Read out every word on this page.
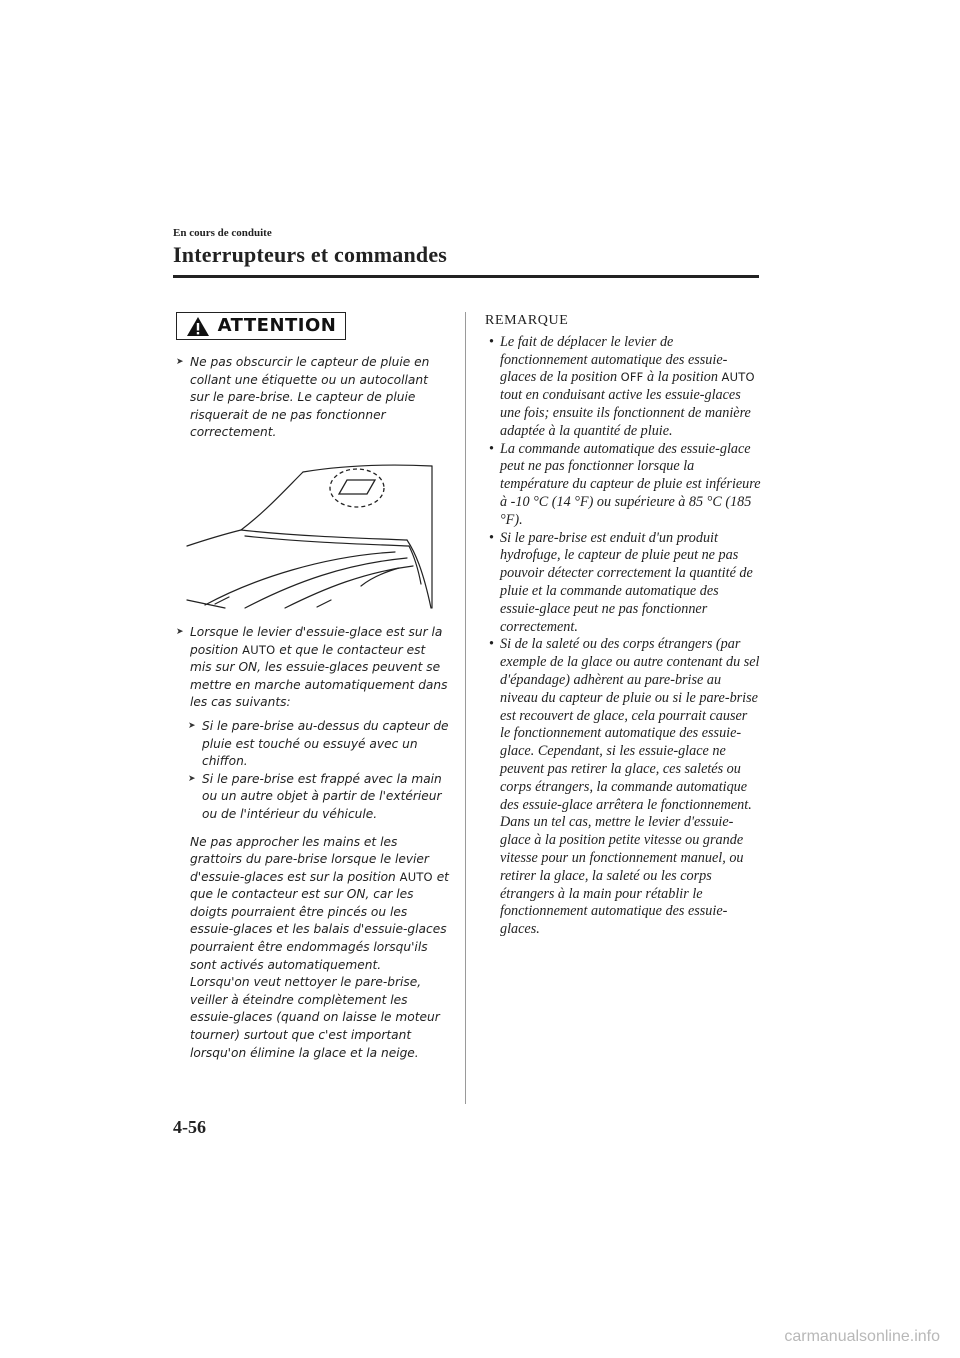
En cours de conduite
Interrupteurs et commandes
ATTENTION
➤ Ne pas obscurcir le capteur de pluie en collant une étiquette ou un autocollant sur le pare-brise. Le capteur de pluie risquerait de ne pas fonctionner correctement.
➤ Lorsque le levier d'essuie-glace est sur la position AUTO et que le contacteur est mis sur ON, les essuie-glaces peuvent se mettre en marche automatiquement dans les cas suivants:
➤ Si le pare-brise au-dessus du capteur de pluie est touché ou essuyé avec un chiffon.
➤ Si le pare-brise est frappé avec la main ou un autre objet à partir de l'extérieur ou de l'intérieur du véhicule.
Ne pas approcher les mains et les grattoirs du pare-brise lorsque le levier d'essuie-glaces est sur la position AUTO et que le contacteur est sur ON, car les doigts pourraient être pincés ou les essuie-glaces et les balais d'essuie-glaces pourraient être endommagés lorsqu'ils sont activés automatiquement.
Lorsqu'on veut nettoyer le pare-brise, veiller à éteindre complètement les essuie-glaces (quand on laisse le moteur tourner) surtout que c'est important lorsqu'on élimine la glace et la neige.
REMARQUE
• Le fait de déplacer le levier de fonctionnement automatique des essuie-glaces de la position OFF à la position AUTO tout en conduisant active les essuie-glaces une fois; ensuite ils fonctionnent de manière adaptée à la quantité de pluie.
• La commande automatique des essuie-glace peut ne pas fonctionner lorsque la température du capteur de pluie est inférieure à -10 °C (14 °F) ou supérieure à 85 °C (185 °F).
• Si le pare-brise est enduit d'un produit hydrofuge, le capteur de pluie peut ne pas pouvoir détecter correctement la quantité de pluie et la commande automatique des essuie-glace peut ne pas fonctionner correctement.
• Si de la saleté ou des corps étrangers (par exemple de la glace ou autre contenant du sel d'épandage) adhèrent au pare-brise au niveau du capteur de pluie ou si le pare-brise est recouvert de glace, cela pourrait causer le fonctionnement automatique des essuie-glace. Cependant, si les essuie-glace ne peuvent pas retirer la glace, ces saletés ou corps étrangers, la commande automatique des essuie-glace arrêtera le fonctionnement. Dans un tel cas, mettre le levier d'essuie-glace à la position petite vitesse ou grande vitesse pour un fonctionnement manuel, ou retirer la glace, la saleté ou les corps étrangers à la main pour rétablir le fonctionnement automatique des essuie-glaces.
4-56
carmanualsonline.info
